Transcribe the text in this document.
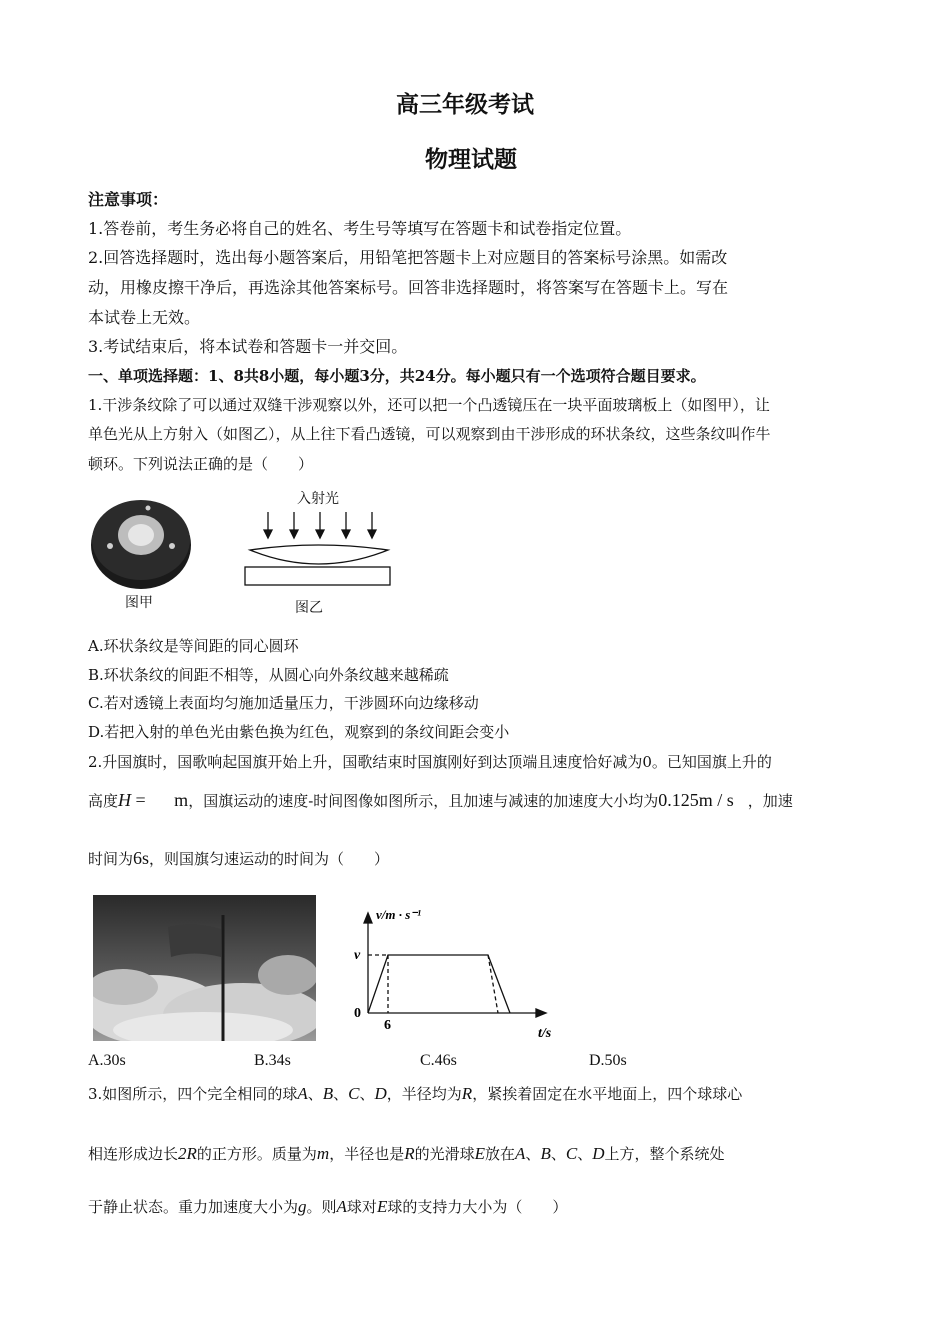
高三年级考试
物理试题
注意事项：
1.答卷前，考生务必将自己的姓名、考生号等填写在答题卡和试卷指定位置。
2.回答选择题时，选出每小题答案后，用铅笔把答题卡上对应题目的答案标号涂黑。如需改
动，用橡皮擦干净后，再选涂其他答案标号。回答非选择题时，将答案写在答题卡上。写在
本试卷上无效。
3.考试结束后，将本试卷和答题卡一并交回。
一、单项选择题：1、8共8小题，每小题3分，共24分。每小题只有一个选项符合题目要求。
1.干涉条纹除了可以通过双缝干涉观察以外，还可以把一个凸透镜压在一块平面玻璃板上（如图甲），让
单色光从上方射入（如图乙），从上往下看凸透镜，可以观察到由干涉形成的环状条纹，这些条纹叫作牛
顿环。下列说法正确的是（　　）
图甲
入射光
图乙
A.环状条纹是等间距的同心圆环
B.环状条纹的间距不相等，从圆心向外条纹越来越稀疏
C.若对透镜上表面均匀施加适量压力，干涉圆环向边缘移动
D.若把入射的单色光由紫色换为红色，观察到的条纹间距会变小
2.升国旗时，国歌响起国旗开始上升，国歌结束时国旗刚好到达顶端且速度恰好减为0。已知国旗上升的
高度H = m，国旗运动的速度-时间图像如图所示，且加速与减速的加速度大小均为0.125m / s ，加速
时间为6s，则国旗匀速运动的时间为（　　）
v/m · s⁻¹
v
0
6
t/s
A.30s	B.34s	C.46s	D.50s
3.如图所示，四个完全相同的球A、B、C、D，半径均为R，紧挨着固定在水平地面上，四个球球心
相连形成边长2R的正方形。质量为m，半径也是R的光滑球E放在A、B、C、D上方，整个系统处
于静止状态。重力加速度大小为g。则A球对E球的支持力大小为（　　）
